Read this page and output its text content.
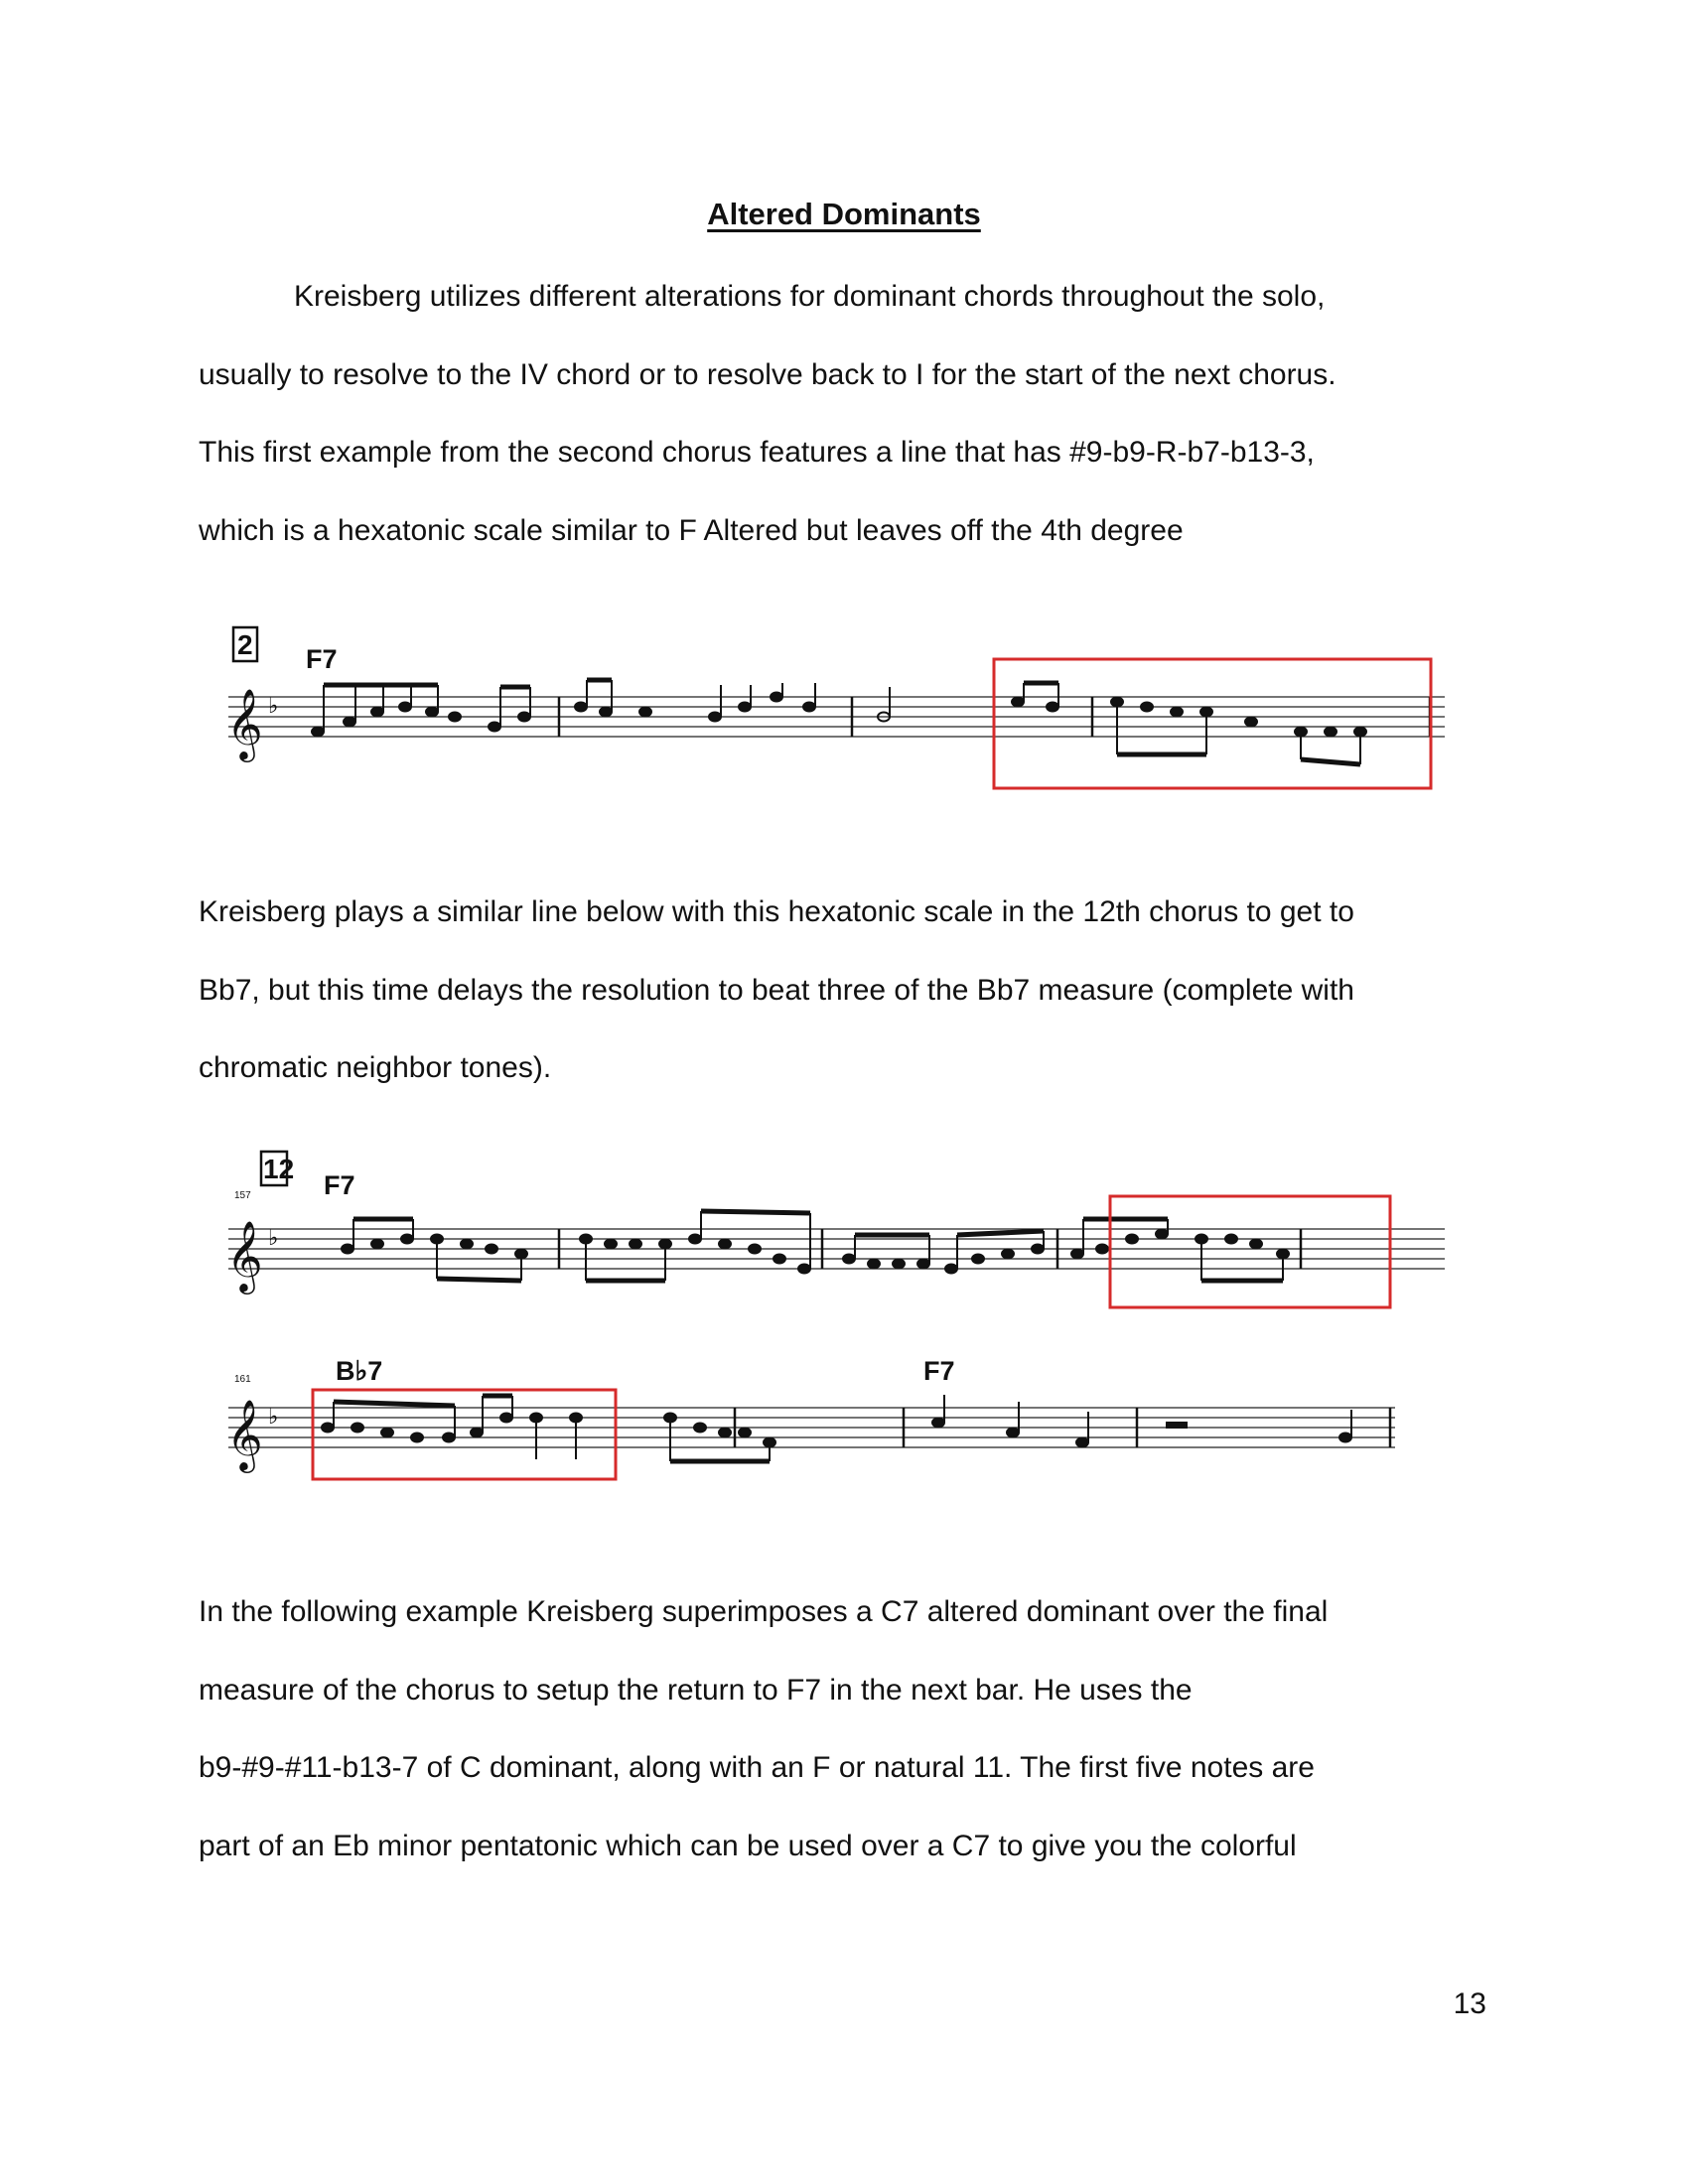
Altered Dominants

Kreisberg utilizes different alterations for dominant chords throughout the solo,
usually to resolve to the IV chord or to resolve back to I for the start of the next chorus.
This first example from the second chorus features a line that has #9-b9-R-b7-b13-3,
which is a hexatonic scale similar to F Altered but leaves off the 4th degree

2 F7
𝄞 ♭

Kreisberg plays a similar line below with this hexatonic scale in the 12th chorus to get to
Bb7, but this time delays the resolution to beat three of the Bb7 measure (complete with
chromatic neighbor tones).

12
157	F7
𝄞 ♭
161	B♭7	F7
𝄞 ♭

In the following example Kreisberg superimposes a C7 altered dominant over the final
measure of the chorus to setup the return to F7 in the next bar. He uses the
b9-#9-#11-b13-7 of C dominant, along with an F or natural 11. The first five notes are
part of an Eb minor pentatonic which can be used over a C7 to give you the colorful

13
